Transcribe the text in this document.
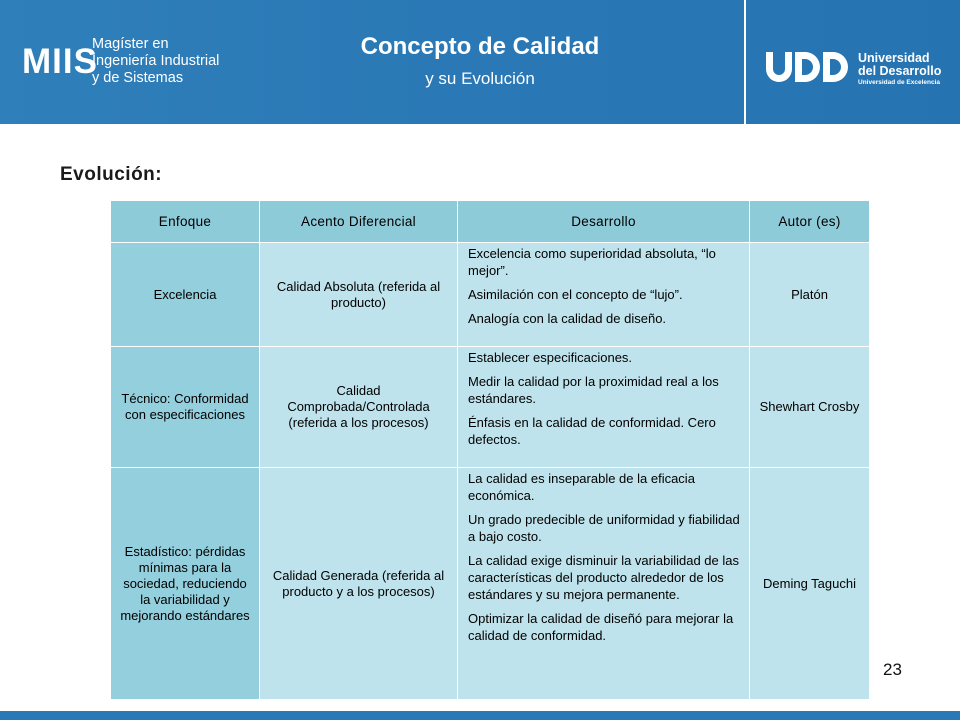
MIIS
Magíster en
Ingeniería Industrial
y de Sistemas
Concepto de Calidad
y su Evolución
Universidad
del Desarrollo
Universidad de Excelencia
Evolución:
Enfoque	Acento Diferencial	Desarrollo	Autor (es)
Excelencia	Calidad Absoluta (referida al producto)	Excelencia como superioridad absoluta, “lo mejor”.

Asimilación con el concepto de “lujo”.

Analogía con la calidad de diseño.	Platón
Técnico: Conformidad con especificaciones	Calidad Comprobada/Controlada (referida a los procesos)	Establecer especificaciones.

Medir la calidad por la proximidad real a los estándares.

Énfasis en la calidad de conformidad. Cero defectos.	Shewhart Crosby
Estadístico: pérdidas mínimas para la sociedad, reduciendo la variabilidad y mejorando estándares	Calidad Generada (referida al producto y a los procesos)	La calidad es inseparable de la eficacia económica.

Un grado predecible de uniformidad y fiabilidad a bajo costo.

La calidad exige disminuir la variabilidad de las características del producto alrededor de los estándares y su mejora permanente.

Optimizar la calidad de diseñó para mejorar la calidad de conformidad.	Deming Taguchi
23
